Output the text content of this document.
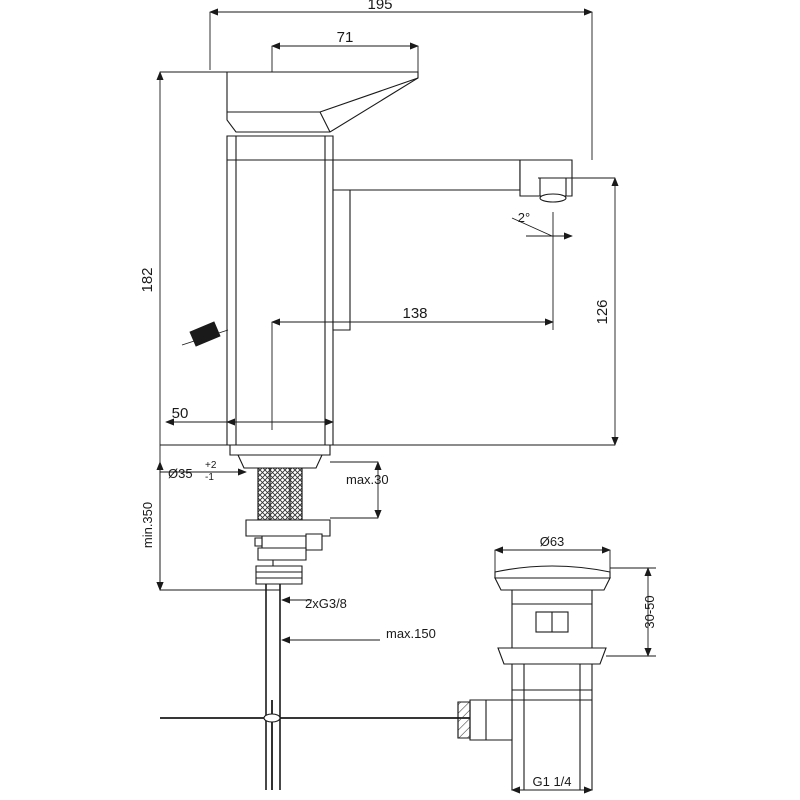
195
71
182
138	126
50
2°
Ø35
+2
-1
min.350
max.30
2xG3/8
max.150
Ø63
30-50
G1 1/4
